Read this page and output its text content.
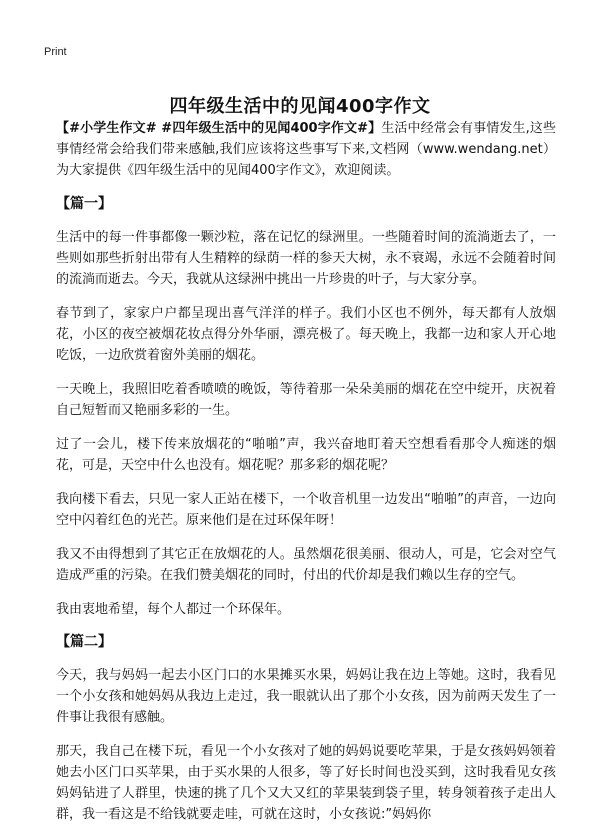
Print
四年级生活中的见闻400字作文

【#小学生作文# #四年级生活中的见闻400字作文#】生活中经常会有事情发生,这些事情经常会给我们带来感触,我们应该将这些事写下来,文档网（www.wendang.net）为大家提供《四年级生活中的见闻400字作文》，欢迎阅读。

【篇一】

生活中的每一件事都像一颗沙粒，落在记忆的绿洲里。一些随着时间的流淌逝去了，一些则如那些折射出带有人生精粹的绿荫一样的参天大树，永不衰竭，永远不会随着时间的流淌而逝去。今天，我就从这绿洲中挑出一片珍贵的叶子，与大家分享。

春节到了，家家户户都呈现出喜气洋洋的样子。我们小区也不例外，每天都有人放烟花，小区的夜空被烟花妆点得分外华丽，漂亮极了。每天晚上，我都一边和家人开心地吃饭，一边欣赏着窗外美丽的烟花。

一天晚上，我照旧吃着香喷喷的晚饭，等待着那一朵朵美丽的烟花在空中绽开，庆祝着自己短暂而又艳丽多彩的一生。

过了一会儿，楼下传来放烟花的“啪啪”声，我兴奋地盯着天空想看看那令人痴迷的烟花，可是，天空中什么也没有。烟花呢？那多彩的烟花呢？

我向楼下看去，只见一家人正站在楼下，一个收音机里一边发出“啪啪”的声音，一边向空中闪着红色的光芒。原来他们是在过环保年呀！

我又不由得想到了其它正在放烟花的人。虽然烟花很美丽、很动人，可是，它会对空气造成严重的污染。在我们赞美烟花的同时，付出的代价却是我们赖以生存的空气。

我由衷地希望，每个人都过一个环保年。

【篇二】

今天，我与妈妈一起去小区门口的水果摊买水果，妈妈让我在边上等她。这时，我看见一个小女孩和她妈妈从我边上走过，我一眼就认出了那个小女孩，因为前两天发生了一件事让我很有感触。

那天，我自己在楼下玩，看见一个小女孩对了她的妈妈说要吃苹果，于是女孩妈妈领着她去小区门口买苹果，由于买水果的人很多，等了好长时间也没买到，这时我看见女孩妈妈钻进了人群里，快速的挑了几个又大又红的苹果装到袋子里，转身领着孩子走出人群，我一看这是不给钱就要走哇，可就在这时，小女孩说:”妈妈你
